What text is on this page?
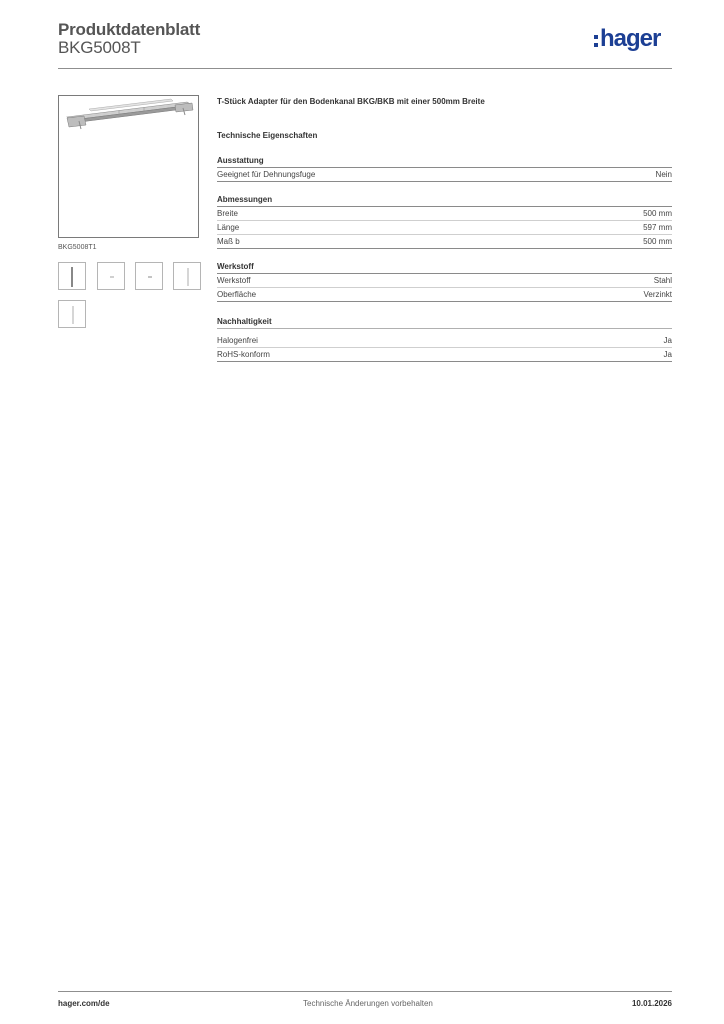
Produktdatenblatt
BKG5008T	hager
BKG5008T1
T-Stück Adapter für den Bodenkanal BKG/BKB mit einer 500mm Breite
Technische Eigenschaften
Ausstattung
Geeignet für Dehnungsfuge	Nein
Abmessungen
Breite	500 mm
Länge	597 mm
Maß b	500 mm
Werkstoff
Werkstoff	Stahl
Oberfläche	Verzinkt
Nachhaltigkeit
Halogenfrei	Ja
RoHS-konform	Ja
hager.com/de	Technische Änderungen vorbehalten	10.01.2026
